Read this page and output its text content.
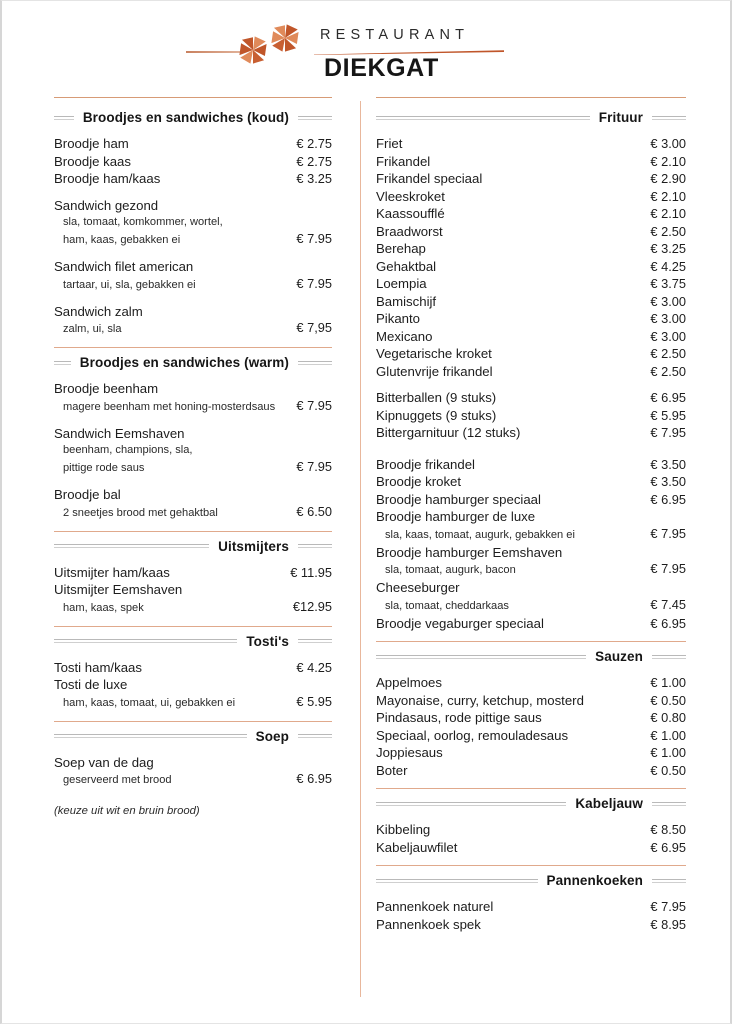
RESTAURANT
DIEKGAT
Broodjes en sandwiches (koud)
Broodje ham	€ 2.75
Broodje kaas	€ 2.75
Broodje ham/kaas	€ 3.25
Sandwich gezond
sla, tomaat, komkommer, wortel,
ham, kaas, gebakken ei	€ 7.95
Sandwich filet american
tartaar, ui, sla, gebakken ei	€ 7.95
Sandwich zalm
zalm, ui, sla	€ 7,95
Broodjes en sandwiches (warm)
Broodje beenham
magere beenham met honing-mosterdsaus € 7.95
Sandwich Eemshaven
beenham, champions, sla,
pittige rode saus	€ 7.95
Broodje bal
2 sneetjes brood met gehaktbal	€ 6.50
Uitsmijters
Uitsmijter ham/kaas	€ 11.95
Uitsmijter Eemshaven
ham, kaas, spek	€12.95
Tosti's
Tosti ham/kaas	€ 4.25
Tosti de luxe
ham, kaas, tomaat, ui, gebakken ei	€ 5.95
Soep
Soep van de dag
geserveerd met brood	€ 6.95
(keuze uit wit en bruin brood)
Frituur
Friet	€ 3.00
Frikandel	€ 2.10
Frikandel speciaal	€ 2.90
Vleeskroket	€ 2.10
Kaassoufflé	€ 2.10
Braadworst	€ 2.50
Berehap	€ 3.25
Gehaktbal	€ 4.25
Loempia	€ 3.75
Bamischijf	€ 3.00
Pikanto	€ 3.00
Mexicano	€ 3.00
Vegetarische kroket	€ 2.50
Glutenvrije frikandel	€ 2.50
Bitterballen (9 stuks)	€ 6.95
Kipnuggets (9 stuks)	€ 5.95
Bittergarnituur (12 stuks)	€ 7.95
Broodje frikandel	€ 3.50
Broodje kroket	€ 3.50
Broodje hamburger speciaal	€ 6.95
Broodje hamburger de luxe
sla, kaas, tomaat, augurk, gebakken ei	€ 7.95
Broodje hamburger Eemshaven
sla, tomaat, augurk, bacon	€ 7.95
Cheeseburger
sla, tomaat, cheddarkaas	€ 7.45
Broodje vegaburger speciaal	€ 6.95
Sauzen
Appelmoes	€ 1.00
Mayonaise, curry, ketchup, mosterd	€ 0.50
Pindasaus, rode pittige saus	€ 0.80
Speciaal, oorlog, remouladesaus	€ 1.00
Joppiesaus	€ 1.00
Boter	€ 0.50
Kabeljauw
Kibbeling	€ 8.50
Kabeljauwfilet	€ 6.95
Pannenkoeken
Pannenkoek naturel	€ 7.95
Pannenkoek spek	€ 8.95
